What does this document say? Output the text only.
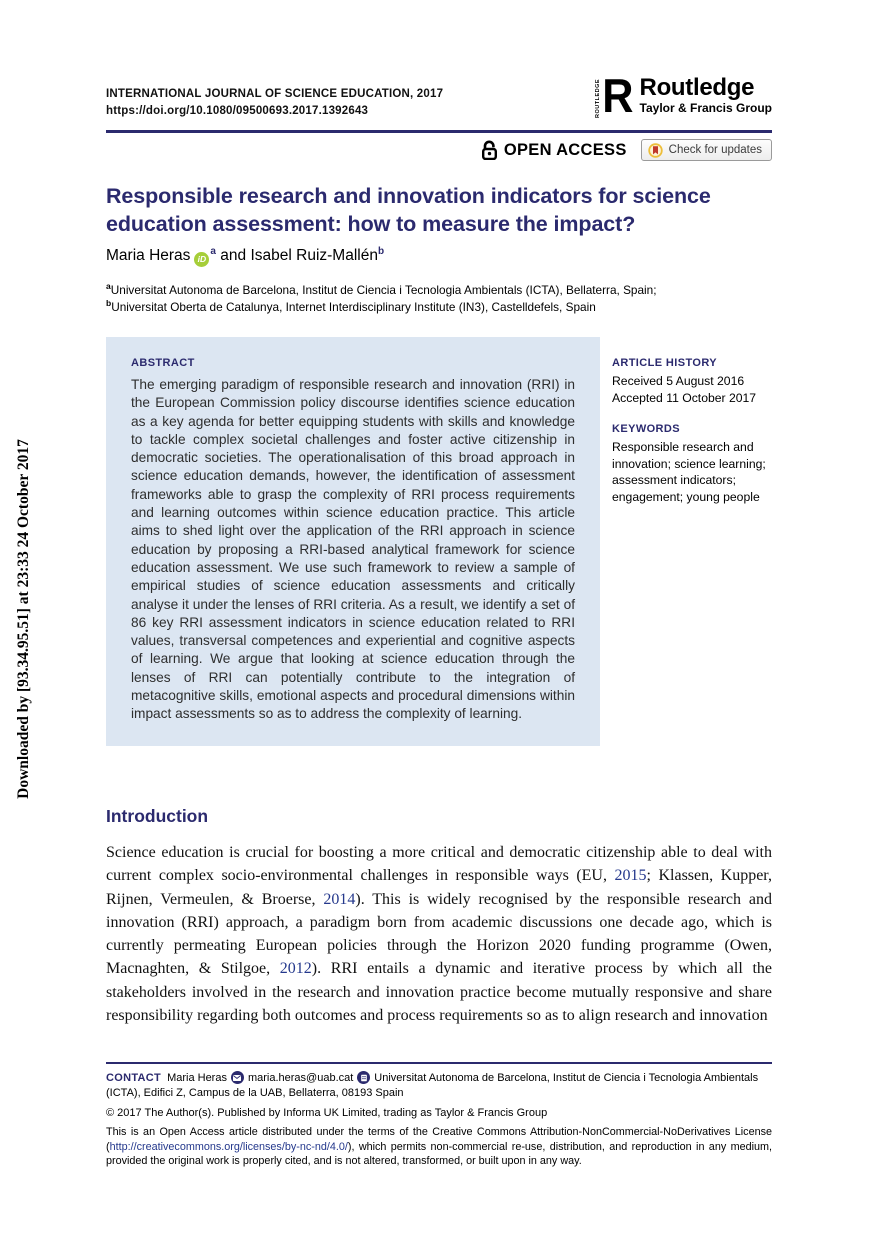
Downloaded by [93.34.95.51] at 23:33 24 October 2017
INTERNATIONAL JOURNAL OF SCIENCE EDUCATION, 2017
https://doi.org/10.1080/09500693.2017.1392643	ROUTLEDGE R Routledge
Taylor & Francis Group
OPEN ACCESS	Check for updates
Responsible research and innovation indicators for science education assessment: how to measure the impact?
Maria Heras $iD^a$ and Isabel Ruiz-Mallén$^b$
$^a$Universitat Autonoma de Barcelona, Institut de Ciencia i Tecnologia Ambientals (ICTA), Bellaterra, Spain;
$^b$Universitat Oberta de Catalunya, Internet Interdisciplinary Institute (IN3), Castelldefels, Spain
ABSTRACT
The emerging paradigm of responsible research and innovation (RRI) in the European Commission policy discourse identifies science education as a key agenda for better equipping students with skills and knowledge to tackle complex societal challenges and foster active citizenship in democratic societies. The operationalisation of this broad approach in science education demands, however, the identification of assessment frameworks able to grasp the complexity of RRI process requirements and learning outcomes within science education practice. This article aims to shed light over the application of the RRI approach in science education by proposing a RRI-based analytical framework for science education assessment. We use such framework to review a sample of empirical studies of science education assessments and critically analyse it under the lenses of RRI criteria. As a result, we identify a set of 86 key RRI assessment indicators in science education related to RRI values, transversal competences and experiential and cognitive aspects of learning. We argue that looking at science education through the lenses of RRI can potentially contribute to the integration of metacognitive skills, emotional aspects and procedural dimensions within impact assessments so as to address the complexity of learning.
ARTICLE HISTORY
Received 5 August 2016
Accepted 11 October 2017
KEYWORDS
Responsible research and innovation; science learning; assessment indicators; engagement; young people
Introduction
Science education is crucial for boosting a more critical and democratic citizenship able to deal with current complex socio-environmental challenges in responsible ways (EU, 2015; Klassen, Kupper, Rijnen, Vermeulen, & Broerse, 2014). This is widely recognised by the responsible research and innovation (RRI) approach, a paradigm born from academic discussions one decade ago, which is currently permeating European policies through the Horizon 2020 funding programme (Owen, Macnaghten, & Stilgoe, 2012). RRI entails a dynamic and iterative process by which all the stakeholders involved in the research and innovation practice become mutually responsive and share responsibility regarding both outcomes and process requirements so as to align research and innovation
CONTACT Maria Heras maria.heras@uab.cat Universitat Autonoma de Barcelona, Institut de Ciencia i Tecnologia Ambientals (ICTA), Edifici Z, Campus de la UAB, Bellaterra, 08193 Spain
© 2017 The Author(s). Published by Informa UK Limited, trading as Taylor & Francis Group
This is an Open Access article distributed under the terms of the Creative Commons Attribution-NonCommercial-NoDerivatives License (http://creativecommons.org/licenses/by-nc-nd/4.0/), which permits non-commercial re-use, distribution, and reproduction in any medium, provided the original work is properly cited, and is not altered, transformed, or built upon in any way.
